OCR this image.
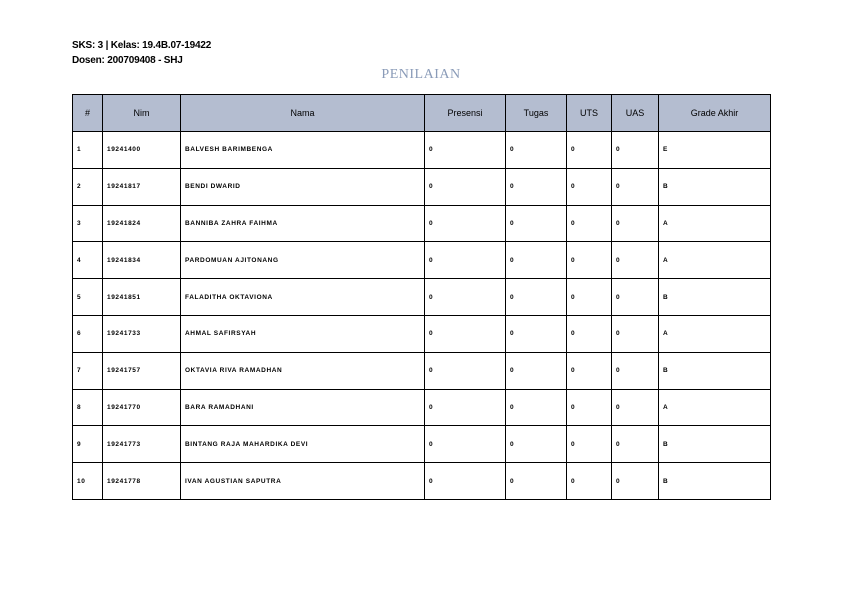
SKS: 3 | Kelas: 19.4B.07-19422
Dosen: 200709408 - SHJ
PENILAIAN
#	Nim	Nama	Presensi	Tugas	UTS	UAS	Grade Akhir
1	19241400	BALVESH BARIMBENGA	0	0	0	0	E
2	19241817	BENDI DWARID	0	0	0	0	B
3	19241824	BANNIBA ZAHRA FAIHMA	0	0	0	0	A
4	19241834	PARDOMUAN AJITONANG	0	0	0	0	A
5	19241851	FALADITHA OKTAVIONA	0	0	0	0	B
6	19241733	AHMAL SAFIRSYAH	0	0	0	0	A
7	19241757	OKTAVIA RIVA RAMADHAN	0	0	0	0	B
8	19241770	BARA RAMADHANI	0	0	0	0	A
9	19241773	BINTANG RAJA MAHARDIKA DEVI	0	0	0	0	B
10	19241778	IVAN AGUSTIAN SAPUTRA	0	0	0	0	B
